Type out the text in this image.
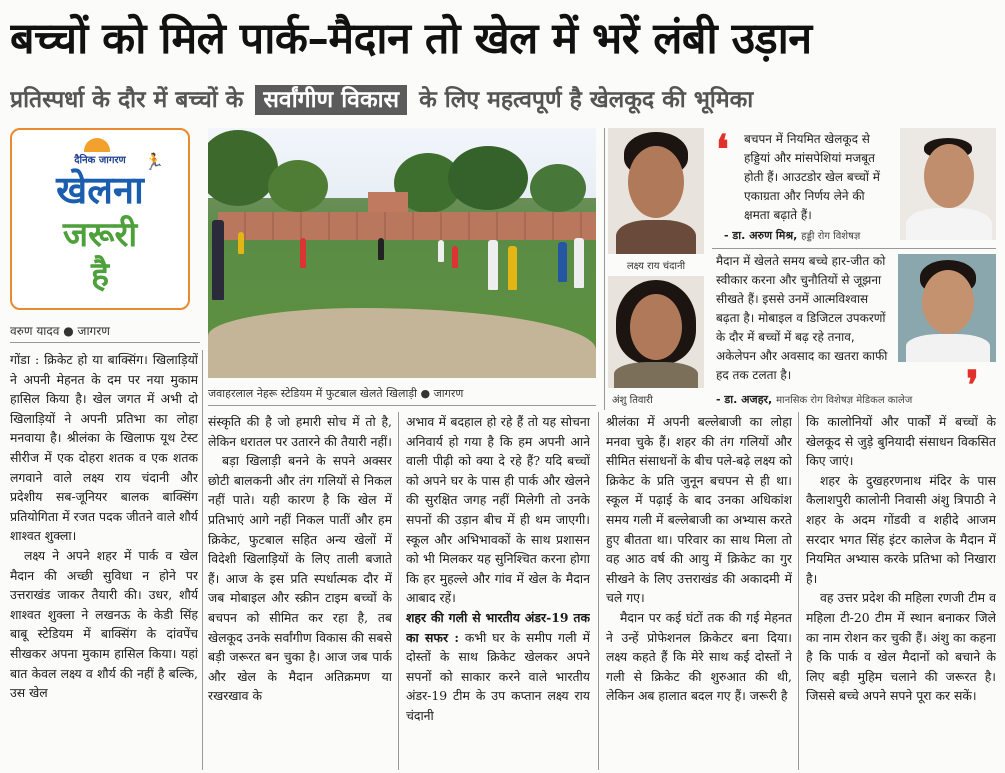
बच्चों को मिले पार्क–मैदान तो खेल में भरें लंबी उड़ान
प्रतिस्पर्धा के दौर में बच्चों के सर्वांगीण विकास के लिए महत्वपूर्ण है खेलकूद की भूमिका
🏃
दैनिक जागरण
खेलना
जरूरी
है
वरुण यादव ● जागरण
जवाहरलाल नेहरू स्टेडियम में फुटबाल खेलते खिलाड़ी ● जागरण
लक्ष्य राय चंदानी
अंशु तिवारी
❛ बचपन में नियमित खेलकूद से हड्डियां और मांसपेशियां मजबूत होती हैं। आउटडोर खेल बच्चों में एकाग्रता और निर्णय लेने की क्षमता बढ़ाते हैं।
- डा. अरुण मिश्र, हड्डी रोग विशेषज्ञ
मैदान में खेलते समय बच्चे हार-जीत को स्वीकार करना और चुनौतियों से जूझना सीखते हैं। इससे उनमें आत्मविश्वास बढ़ता है। मोबाइल व डिजिटल उपकरणों के दौर में बच्चों में बढ़ रहे तनाव, अकेलेपन और अवसाद का खतरा काफी हद तक टलता है।	❜
- डा. अजहर, मानसिक रोग विशेषज्ञ मेडिकल कालेज

गोंडा : क्रिकेट हो या बाक्सिंग। खिलाड़ियों ने अपनी मेहनत के दम पर नया मुकाम हासिल किया है। खेल जगत में अभी दो खिलाड़ियों ने अपनी प्रतिभा का लोहा मनवाया है। श्रीलंका के खिलाफ यूथ टेस्ट सीरीज में एक दोहरा शतक व एक शतक लगवाने वाले लक्ष्य राय चंदानी और प्रदेशीय सब-जूनियर बालक बाक्सिंग प्रतियोगिता में रजत पदक जीतने वाले शौर्य शाश्वत शुक्ला।

लक्ष्य ने अपने शहर में पार्क व खेल मैदान की अच्छी सुविधा न होने पर उत्तराखंड जाकर तैयारी की। उधर, शौर्य शाश्वत शुक्ला ने लखनऊ के केडी सिंह बाबू स्टेडियम में बाक्सिंग के दांवपेंच सीखकर अपना मुकाम हासिल किया। यहां बात केवल लक्ष्य व शौर्य की नहीं है बल्कि, उस खेल

संस्कृति की है जो हमारी सोच में तो है, लेकिन धरातल पर उतारने की तैयारी नहीं।

बड़ा खिलाड़ी बनने के सपने अक्सर छोटी बालकनी और तंग गलियों से निकल नहीं पाते। यही कारण है कि खेल में प्रतिभाएं आगे नहीं निकल पातीं और हम क्रिकेट, फुटबाल सहित अन्य खेलों में विदेशी खिलाड़ियों के लिए ताली बजाते हैं। आज के इस प्रति स्पर्धात्मक दौर में जब मोबाइल और स्क्रीन टाइम बच्चों के बचपन को सीमित कर रहा है, तब खेलकूद उनके सर्वांगीण विकास की सबसे बड़ी जरूरत बन चुका है। आज जब पार्क और खेल के मैदान अतिक्रमण या रखरखाव के

अभाव में बदहाल हो रहे हैं तो यह सोचना अनिवार्य हो गया है कि हम अपनी आने वाली पीढ़ी को क्या दे रहे हैं? यदि बच्चों को अपने घर के पास ही पार्क और खेलने की सुरक्षित जगह नहीं मिलेगी तो उनके सपनों की उड़ान बीच में ही थम जाएगी। स्कूल और अभिभावकों के साथ प्रशासन को भी मिलकर यह सुनिश्चित करना होगा कि हर मुहल्ले और गांव में खेल के मैदान आबाद रहें।

शहर की गली से भारतीय अंडर-19 तक का सफर : कभी घर के समीप गली में दोस्तों के साथ क्रिकेट खेलकर अपने सपनों को साकार करने वाले भारतीय अंडर-19 टीम के उप कप्तान लक्ष्य राय चंदानी

श्रीलंका में अपनी बल्लेबाजी का लोहा मनवा चुके हैं। शहर की तंग गलियों और सीमित संसाधनों के बीच पले-बढ़े लक्ष्य को क्रिकेट के प्रति जुनून बचपन से ही था। स्कूल में पढ़ाई के बाद उनका अधिकांश समय गली में बल्लेबाजी का अभ्यास करते हुए बीतता था। परिवार का साथ मिला तो वह आठ वर्ष की आयु में क्रिकेट का गुर सीखने के लिए उत्तराखंड की अकादमी में चले गए।

मैदान पर कई घंटों तक की गई मेहनत ने उन्हें प्रोफेशनल क्रिकेटर बना दिया। लक्ष्य कहते हैं कि मेरे साथ कई दोस्तों ने गली से क्रिकेट की शुरुआत की थी, लेकिन अब हालात बदल गए हैं। जरूरी है

कि कालोनियों और पार्कों में बच्चों के खेलकूद से जुड़े बुनियादी संसाधन विकसित किए जाएं।

शहर के दुखहरणनाथ मंदिर के पास कैलाशपुरी कालोनी निवासी अंशु त्रिपाठी ने शहर के अदम गोंडवी व शहीदे आजम सरदार भगत सिंह इंटर कालेज के मैदान में नियमित अभ्यास करके प्रतिभा को निखारा है।

वह उत्तर प्रदेश की महिला रणजी टीम व महिला टी-20 टीम में स्थान बनाकर जिले का नाम रोशन कर चुकी हैं। अंशु का कहना है कि पार्क व खेल मैदानों को बचाने के लिए बड़ी मुहिम चलाने की जरूरत है। जिससे बच्चे अपने सपने पूरा कर सकें।
